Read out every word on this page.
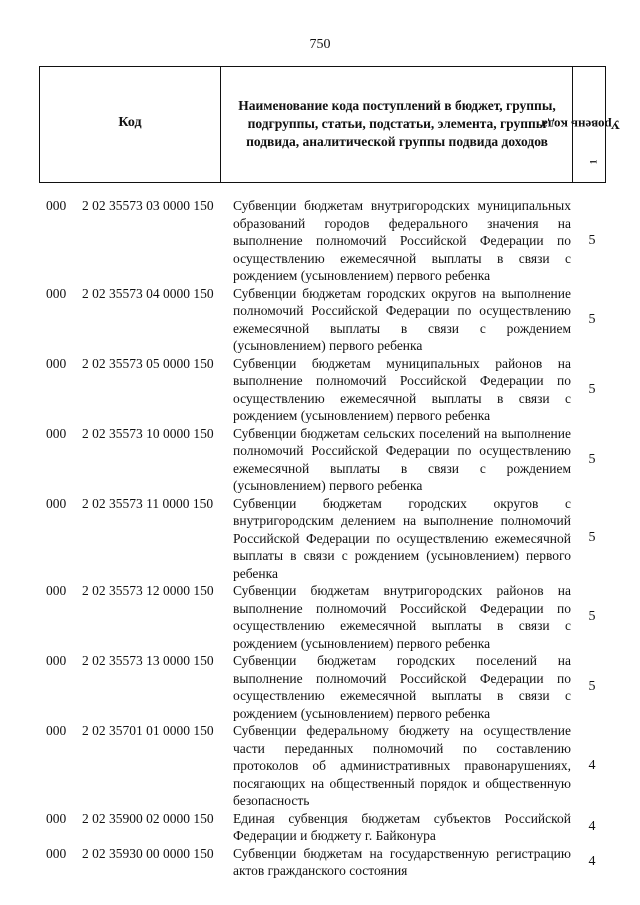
750
Код
Наименование кода поступлений в бюджет, группы, подгруппы, статьи, подстатьи, элемента, группы подвида, аналитической группы подвида доходов
Уровень кода
$^1$
000 2 02 35573 03 0000 150 Субвенции бюджетам внутригородских муниципальных образований городов федерального значения на выполнение полномочий Российской Федерации по осуществлению ежемесячной выплаты в связи с рождением (усыновлением) первого ребенка
5
000 2 02 35573 04 0000 150 Субвенции бюджетам городских округов на выполнение полномочий Российской Федерации по осуществлению ежемесячной выплаты в связи с рождением (усыновлением) первого ребенка
5
000 2 02 35573 05 0000 150 Субвенции бюджетам муниципальных районов на выполнение полномочий Российской Федерации по осуществлению ежемесячной выплаты в связи с рождением (усыновлением) первого ребенка
5
000 2 02 35573 10 0000 150 Субвенции бюджетам сельских поселений на выполнение полномочий Российской Федерации по осуществлению ежемесячной выплаты в связи с рождением (усыновлением) первого ребенка
5
000 2 02 35573 11 0000 150 Субвенции бюджетам городских округов с внутригородским делением на выполнение полномочий Российской Федерации по осуществлению ежемесячной выплаты в связи с рождением (усыновлением) первого ребенка
5
000 2 02 35573 12 0000 150 Субвенции бюджетам внутригородских районов на выполнение полномочий Российской Федерации по осуществлению ежемесячной выплаты в связи с рождением (усыновлением) первого ребенка
5
000 2 02 35573 13 0000 150 Субвенции бюджетам городских поселений на выполнение полномочий Российской Федерации по осуществлению ежемесячной выплаты в связи с рождением (усыновлением) первого ребенка
5
000 2 02 35701 01 0000 150 Субвенции федеральному бюджету на осуществление части переданных полномочий по составлению протоколов об административных правонарушениях, посягающих на общественный порядок и общественную безопасность
4
000 2 02 35900 02 0000 150 Единая субвенция бюджетам субъектов Российской Федерации и бюджету г. Байконура
4
000 2 02 35930 00 0000 150 Субвенции бюджетам на государственную регистрацию актов гражданского состояния
4
